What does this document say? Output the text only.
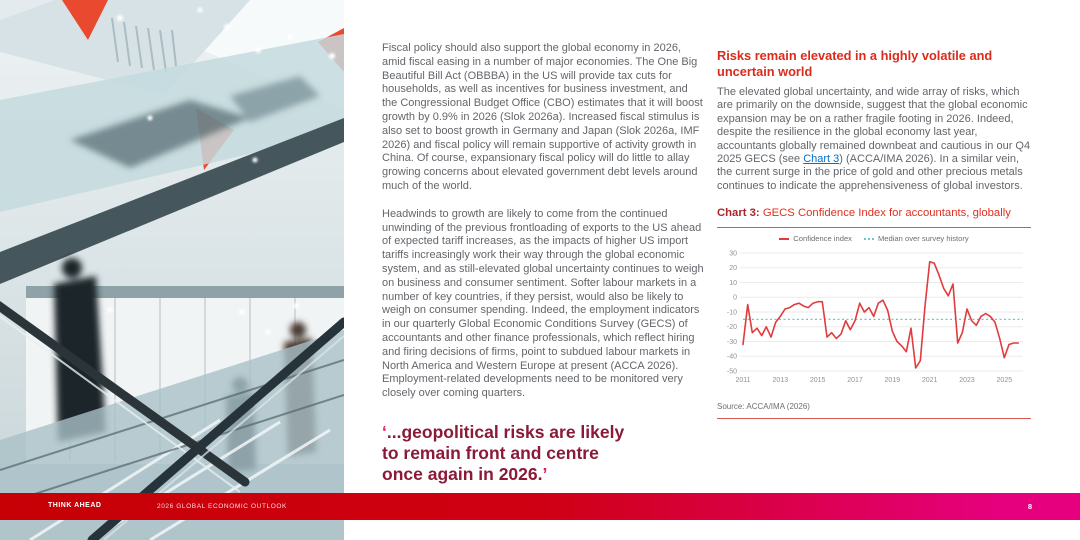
Fiscal policy should also support the global economy in 2026, amid fiscal easing in a number of major economies. The One Big Beautiful Bill Act (OBBBA) in the US will provide tax cuts for households, as well as incentives for business investment, and the Congressional Budget Office (CBO) estimates that it will boost growth by 0.9% in 2026 (Slok 2026a). Increased fiscal stimulus is also set to boost growth in Germany and Japan (Slok 2026a, IMF 2026) and fiscal policy will remain supportive of activity growth in China. Of course, expansionary fiscal policy will do little to allay growing concerns about elevated government debt levels around much of the world.

Headwinds to growth are likely to come from the continued unwinding of the previous frontloading of exports to the US ahead of expected tariff increases, as the impacts of higher US import tariffs increasingly work their way through the global economic system, and as still-elevated global uncertainty continues to weigh on business and consumer sentiment. Softer labour markets in a number of key countries, if they persist, would also be likely to weigh on consumer spending. Indeed, the employment indicators in our quarterly Global Economic Conditions Survey (GECS) of accountants and other finance professionals, which reflect hiring and firing decisions of firms, point to subdued labour markets in North America and Western Europe at present (ACCA 2026). Employment-related developments need to be monitored very closely over coming quarters.

‘...geopolitical risks are likely
to remain front and centre
once again in 2026.’
Risks remain elevated in a highly volatile and uncertain world

The elevated global uncertainty, and wide array of risks, which are primarily on the downside, suggest that the global economic expansion may be on a rather fragile footing in 2026. Indeed, despite the resilience in the global economy last year, accountants globally remained downbeat and cautious in our Q4 2025 GECS (see Chart 3) (ACCA/IMA 2026). In a similar vein, the current surge in the price of gold and other precious metals continues to indicate the apprehensiveness of global investors.

Chart 3: GECS Confidence Index for accountants, globally

Confidence index	Median over survey history
30
20
10
0
-10
-20
-30
-40
-50
2011	2013	2015	2017	2019	2021	2023	2025
Source: ACCA/IMA (2026)
THINK AHEAD	2026 GLOBAL ECONOMIC OUTLOOK	8
